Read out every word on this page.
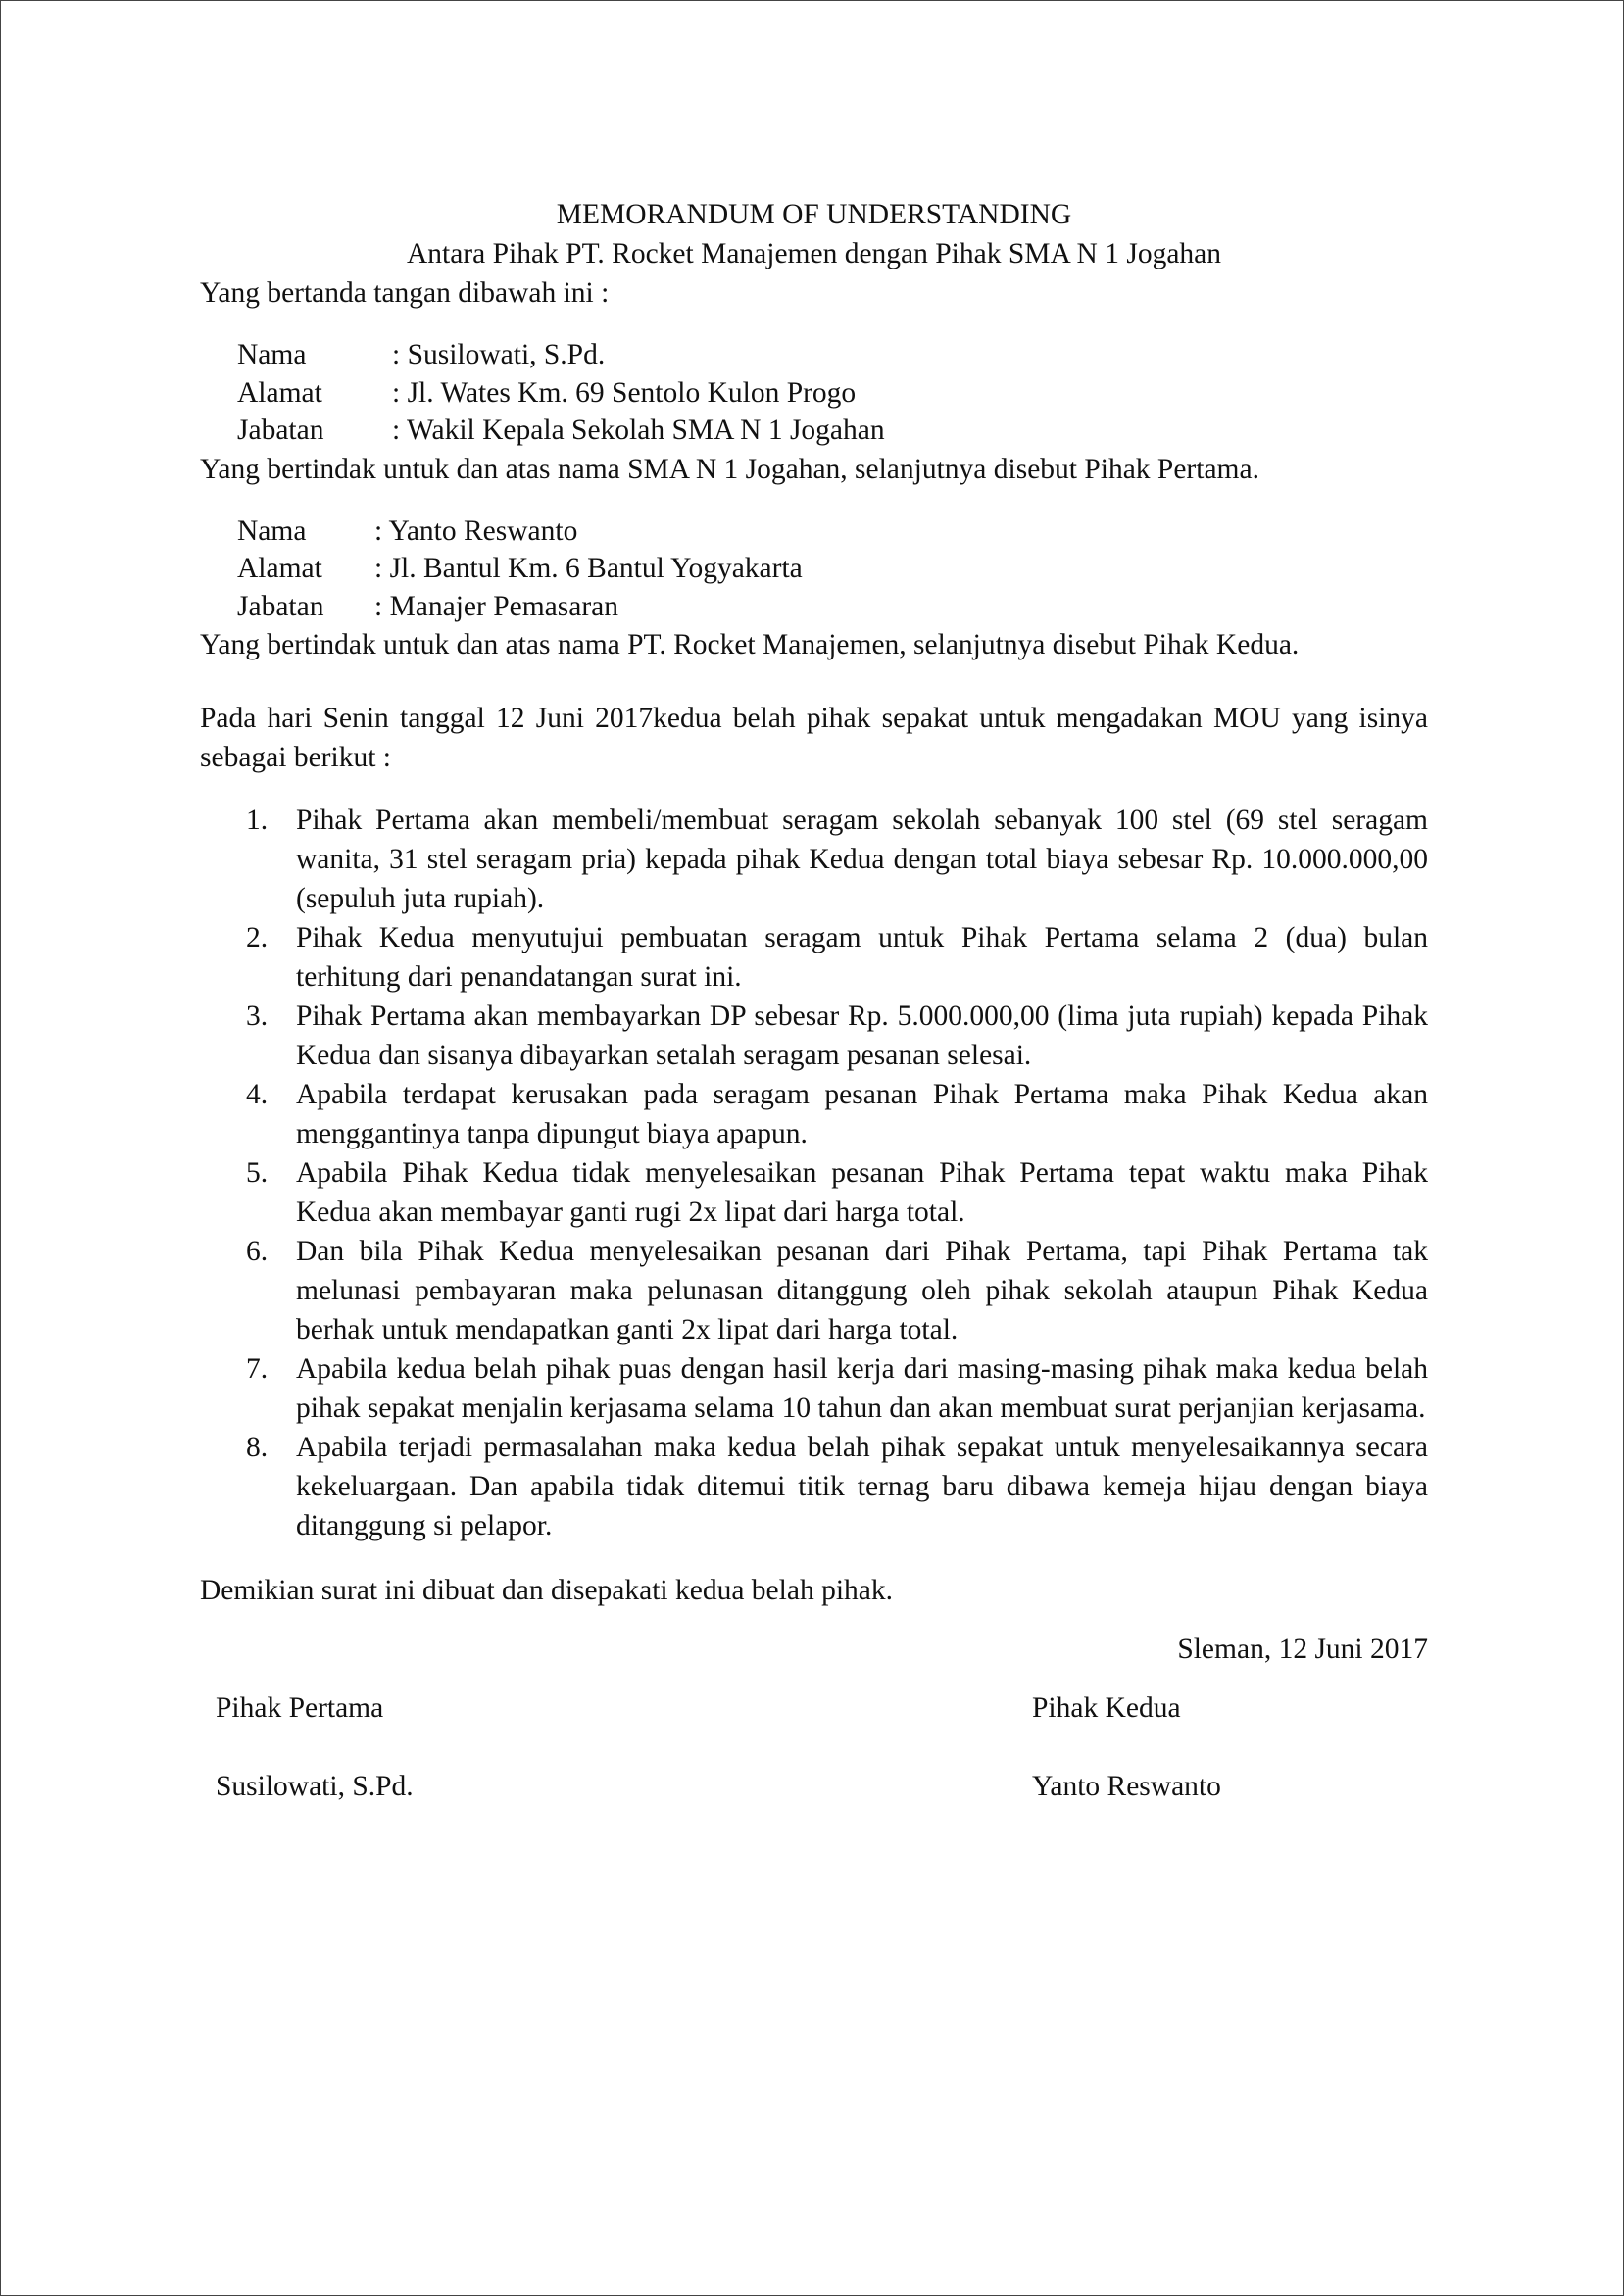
MEMORANDUM OF UNDERSTANDING

Antara Pihak PT. Rocket Manajemen dengan Pihak SMA N 1 Jogahan

Yang bertanda tangan dibawah ini :

Nama	: Susilowati, S.Pd.
Alamat	: Jl. Wates Km. 69 Sentolo Kulon Progo
Jabatan	: Wakil Kepala Sekolah SMA N 1 Jogahan

Yang bertindak untuk dan atas nama SMA N 1 Jogahan, selanjutnya disebut Pihak Pertama.

Nama	: Yanto Reswanto
Alamat	: Jl. Bantul Km. 6 Bantul Yogyakarta
Jabatan	: Manajer Pemasaran

Yang bertindak untuk dan atas nama PT. Rocket Manajemen, selanjutnya disebut Pihak Kedua.

Pada hari Senin tanggal 12 Juni 2017kedua belah pihak sepakat untuk mengadakan MOU yang isinya sebagai berikut :

1. Pihak Pertama akan membeli/membuat seragam sekolah sebanyak 100 stel (69 stel seragam wanita, 31 stel seragam pria) kepada pihak Kedua dengan total biaya sebesar Rp. 10.000.000,00 (sepuluh juta rupiah).
2. Pihak Kedua menyutujui pembuatan seragam untuk Pihak Pertama selama 2 (dua) bulan terhitung dari penandatangan surat ini.
3. Pihak Pertama akan membayarkan DP sebesar Rp. 5.000.000,00 (lima juta rupiah) kepada Pihak Kedua dan sisanya dibayarkan setalah seragam pesanan selesai.
4. Apabila terdapat kerusakan pada seragam pesanan Pihak Pertama maka Pihak Kedua akan menggantinya tanpa dipungut biaya apapun.
5. Apabila Pihak Kedua tidak menyelesaikan pesanan Pihak Pertama tepat waktu maka Pihak Kedua akan membayar ganti rugi 2x lipat dari harga total.
6. Dan bila Pihak Kedua menyelesaikan pesanan dari Pihak Pertama, tapi Pihak Pertama tak melunasi pembayaran maka pelunasan ditanggung oleh pihak sekolah ataupun Pihak Kedua berhak untuk mendapatkan ganti 2x lipat dari harga total.
7. Apabila kedua belah pihak puas dengan hasil kerja dari masing-masing pihak maka kedua belah pihak sepakat menjalin kerjasama selama 10 tahun dan akan membuat surat perjanjian kerjasama.
8. Apabila terjadi permasalahan maka kedua belah pihak sepakat untuk menyelesaikannya secara kekeluargaan. Dan apabila tidak ditemui titik ternag baru dibawa kemeja hijau dengan biaya ditanggung si pelapor.

Demikian surat ini dibuat dan disepakati kedua belah pihak.

Sleman, 12 Juni 2017

Pihak Pertama	Pihak Kedua
Susilowati, S.Pd.	Yanto Reswanto
